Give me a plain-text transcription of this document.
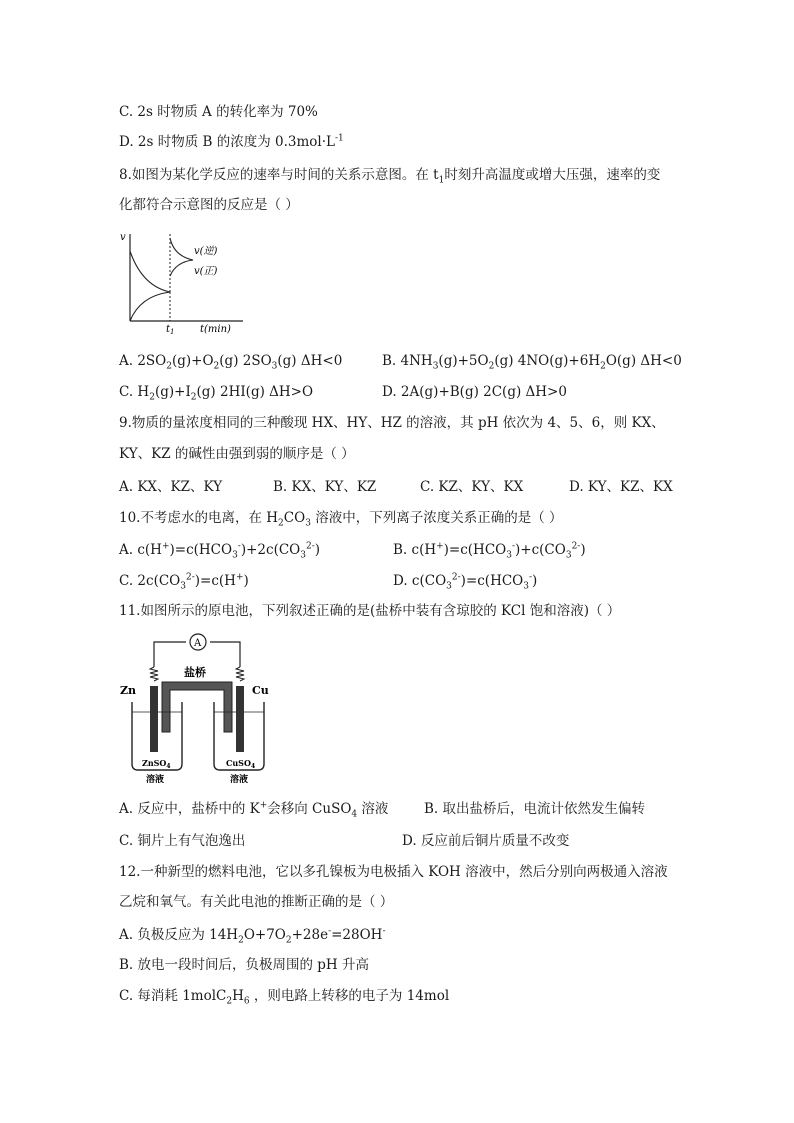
C. 2s 时物质 A 的转化率为 70%
D. 2s 时物质 B 的浓度为 $0.3mol\cdot L^{-1}$
8.如图为某化学反应的速率与时间的关系示意图。在 $t_1$时刻升高温度或增大压强，速率的变
化都符合示意图的反应是（ ）
v
v(逆)
v(正)
$t_1$	t(min)
A. $2SO_2(g)+O_2(g)$ $2SO_3(g)$ ΔH<0	B. $4NH_3(g)+5O_2(g)$ $4NO(g)+6H_2O(g)$ ΔH<0
C. $H_2(g)+I_2(g)$ 2HI(g) ΔH>O	D. 2A(g)+B(g) 2C(g) ΔH>0
9.物质的量浓度相同的三种酸现 HX、HY、HZ 的溶液，其 pH 依次为 4、5、6，则 KX、
KY、KZ 的碱性由强到弱的顺序是（ ）
A. KX、KZ、KY	B. KX、KY、KZ	C. KZ、KY、KX	D. KY、KZ、KX
10.不考虑水的电离，在 $H_2CO_3$ 溶液中，下列离子浓度关系正确的是（ ）
A. $c(H^+)=c(HCO_3^-)+2c(CO_3^{2-})$	B. $c(H^+)=c(HCO_3^-)+c(CO_3^{2-})$
C. $2c(CO_3^{2-})=c(H^+)$	D. $c(CO_3^{2-})=c(HCO_3^-)$
11.如图所示的原电池，下列叙述正确的是(盐桥中装有含琼胶的 KCl 饱和溶液)（ ）
A
盐桥
Zn	Cu
ZnSO$_4$	CuSO$_4$
溶液	溶液
A. 反应中，盐桥中的 K+会移向 CuSO$_4$ 溶液	B. 取出盐桥后，电流计依然发生偏转
C. 铜片上有气泡逸出	D. 反应前后铜片质量不改变
12.一种新型的燃料电池，它以多孔镍板为电极插入 KOH 溶液中，然后分别向两极通入溶液
乙烷和氧气。有关此电池的推断正确的是（ ）
A. 负极反应为 $14H_2O+7O_2+28e^-=28OH^-$
B. 放电一段时间后，负极周围的 pH 升高
C. 每消耗 $1molC_2H_6$ ，则电路上转移的电子为 14mol
